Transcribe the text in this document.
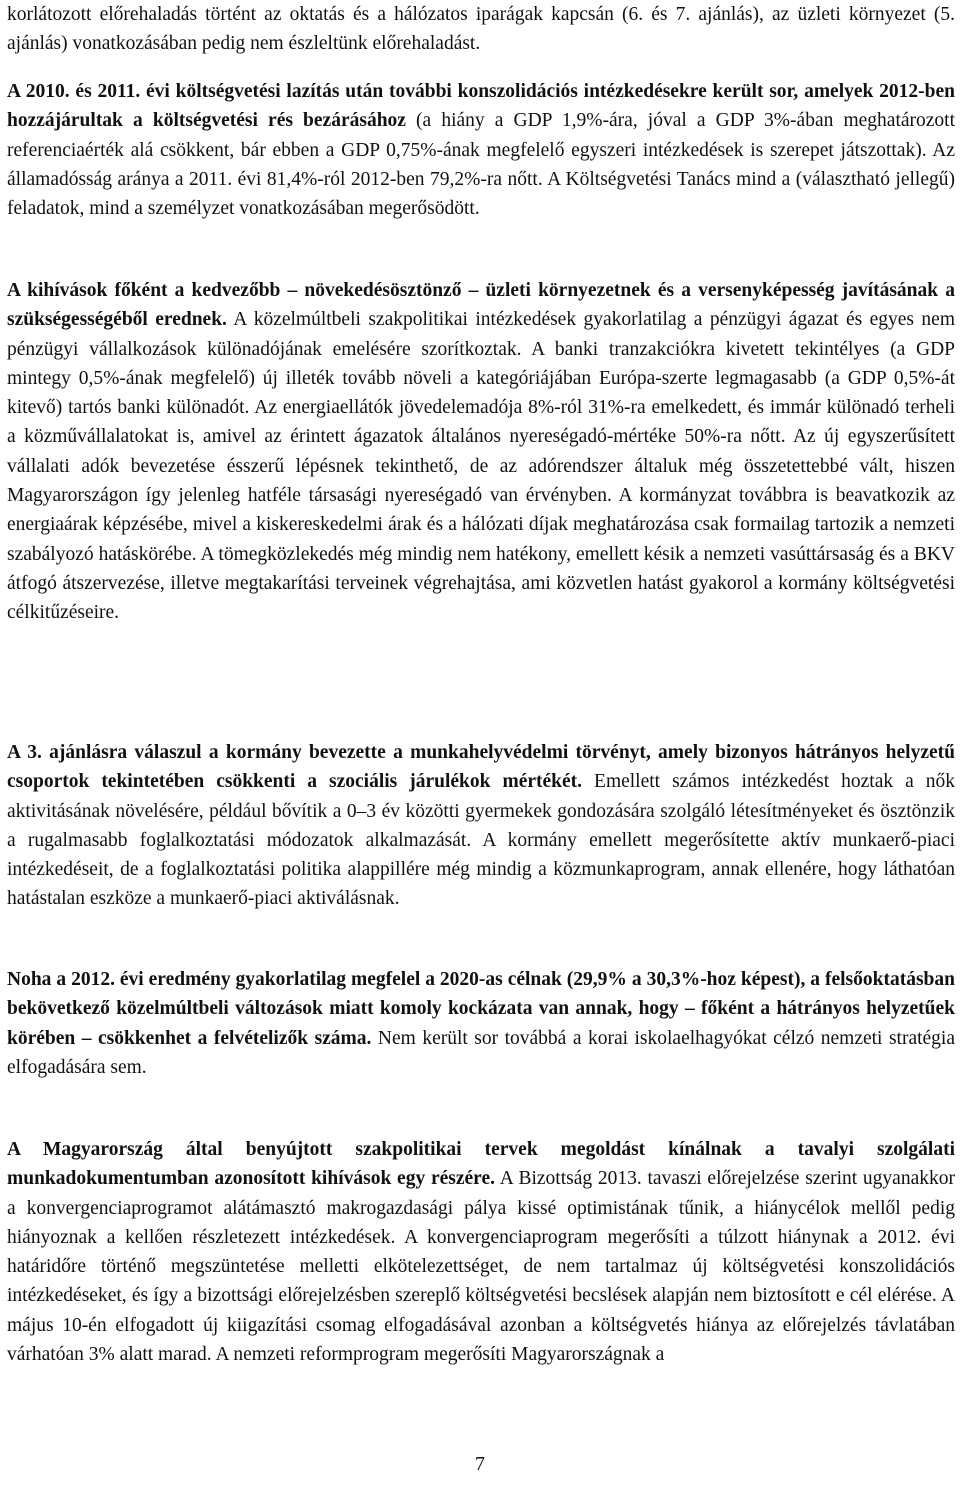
korlátozott előrehaladás történt az oktatás és a hálózatos iparágak kapcsán (6. és 7. ajánlás), az üzleti környezet (5. ajánlás) vonatkozásában pedig nem észleltünk előrehaladást.

A 2010. és 2011. évi költségvetési lazítás után további konszolidációs intézkedésekre került sor, amelyek 2012-ben hozzájárultak a költségvetési rés bezárásához (a hiány a GDP 1,9%-ára, jóval a GDP 3%-ában meghatározott referenciaérték alá csökkent, bár ebben a GDP 0,75%-ának megfelelő egyszeri intézkedések is szerepet játszottak). Az államadósság aránya a 2011. évi 81,4%-ról 2012-ben 79,2%-ra nőtt. A Költségvetési Tanács mind a (választható jellegű) feladatok, mind a személyzet vonatkozásában megerősödött.

A kihívások főként a kedvezőbb – növekedésösztönző – üzleti környezetnek és a versenyképesség javításának a szükségességéből erednek. A közelmúltbeli szakpolitikai intézkedések gyakorlatilag a pénzügyi ágazat és egyes nem pénzügyi vállalkozások különadójának emelésére szorítkoztak. A banki tranzakciókra kivetett tekintélyes (a GDP mintegy 0,5%-ának megfelelő) új illeték tovább növeli a kategóriájában Európa-szerte legmagasabb (a GDP 0,5%-át kitevő) tartós banki különadót. Az energiaellátók jövedelemadója 8%-ról 31%-ra emelkedett, és immár különadó terheli a közművállalatokat is, amivel az érintett ágazatok általános nyereségadó-mértéke 50%-ra nőtt. Az új egyszerűsített vállalati adók bevezetése ésszerű lépésnek tekinthető, de az adórendszer általuk még összetettebbé vált, hiszen Magyarországon így jelenleg hatféle társasági nyereségadó van érvényben. A kormányzat továbbra is beavatkozik az energiaárak képzésébe, mivel a kiskereskedelmi árak és a hálózati díjak meghatározása csak formailag tartozik a nemzeti szabályozó hatáskörébe. A tömegközlekedés még mindig nem hatékony, emellett késik a nemzeti vasúttársaság és a BKV átfogó átszervezése, illetve megtakarítási terveinek végrehajtása, ami közvetlen hatást gyakorol a kormány költségvetési célkitűzéseire.

A 3. ajánlásra válaszul a kormány bevezette a munkahelyvédelmi törvényt, amely bizonyos hátrányos helyzetű csoportok tekintetében csökkenti a szociális járulékok mértékét. Emellett számos intézkedést hoztak a nők aktivitásának növelésére, például bővítik a 0–3 év közötti gyermekek gondozására szolgáló létesítményeket és ösztönzik a rugalmasabb foglalkoztatási módozatok alkalmazását. A kormány emellett megerősítette aktív munkaerő-piaci intézkedéseit, de a foglalkoztatási politika alappillére még mindig a közmunkaprogram, annak ellenére, hogy láthatóan hatástalan eszköze a munkaerő-piaci aktiválásnak.

Noha a 2012. évi eredmény gyakorlatilag megfelel a 2020-as célnak (29,9% a 30,3%-hoz képest), a felsőoktatásban bekövetkező közelmúltbeli változások miatt komoly kockázata van annak, hogy – főként a hátrányos helyzetűek körében – csökkenhet a felvételizők száma. Nem került sor továbbá a korai iskolaelhagyókat célzó nemzeti stratégia elfogadására sem.

A Magyarország által benyújtott szakpolitikai tervek megoldást kínálnak a tavalyi szolgálati munkadokumentumban azonosított kihívások egy részére. A Bizottság 2013. tavaszi előrejelzése szerint ugyanakkor a konvergenciaprogramot alátámasztó makrogazdasági pálya kissé optimistának tűnik, a hiánycélok mellől pedig hiányoznak a kellően részletezett intézkedések. A konvergenciaprogram megerősíti a túlzott hiánynak a 2012. évi határidőre történő megszüntetése melletti elkötelezettséget, de nem tartalmaz új költségvetési konszolidációs intézkedéseket, és így a bizottsági előrejelzésben szereplő költségvetési becslések alapján nem biztosított e cél elérése. A május 10-én elfogadott új kiigazítási csomag elfogadásával azonban a költségvetés hiánya az előrejelzés távlatában várhatóan 3% alatt marad. A nemzeti reformprogram megerősíti Magyarországnak a

7
